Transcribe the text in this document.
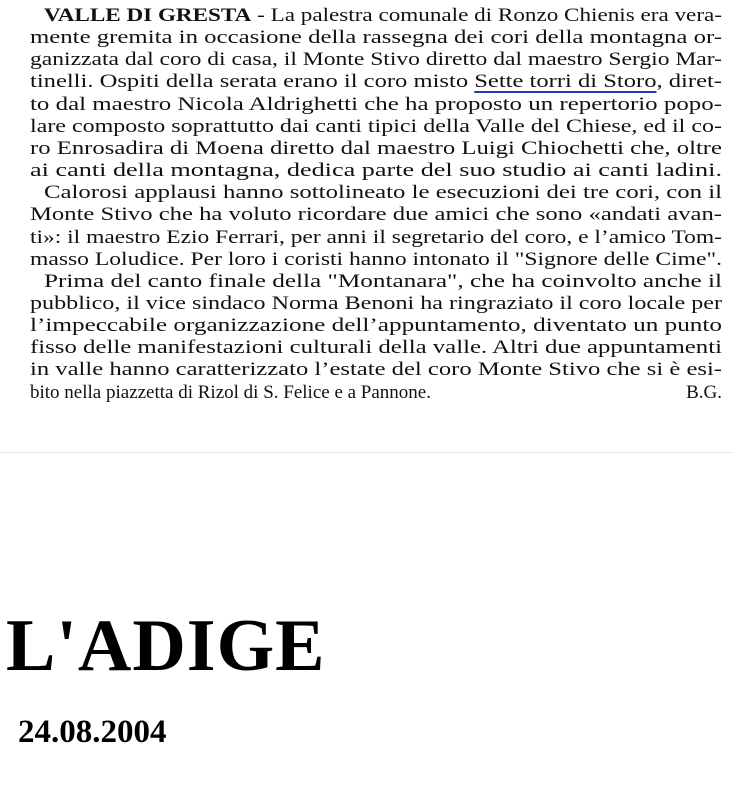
VALLE DI GRESTA - La palestra comunale di Ronzo Chienis era vera-
mente gremita in occasione della rassegna dei cori della montagna or-
ganizzata dal coro di casa, il Monte Stivo diretto dal maestro Sergio Mar-
tinelli. Ospiti della serata erano il coro misto Sette torri di Storo, diret-
to dal maestro Nicola Aldrighetti che ha proposto un repertorio popo-
lare composto soprattutto dai canti tipici della Valle del Chiese, ed il co-
ro Enrosadira di Moena diretto dal maestro Luigi Chiochetti che, oltre
ai canti della montagna, dedica parte del suo studio ai canti ladini.
Calorosi applausi hanno sottolineato le esecuzioni dei tre cori, con il
Monte Stivo che ha voluto ricordare due amici che sono «andati avan-
ti»: il maestro Ezio Ferrari, per anni il segretario del coro, e l’amico Tom-
masso Loludice. Per loro i coristi hanno intonato il "Signore delle Cime".
Prima del canto finale della "Montanara", che ha coinvolto anche il
pubblico, il vice sindaco Norma Benoni ha ringraziato il coro locale per
l’impeccabile organizzazione dell’appuntamento, diventato un punto
fisso delle manifestazioni culturali della valle. Altri due appuntamenti
in valle hanno caratterizzato l’estate del coro Monte Stivo che si è esi-
bito nella piazzetta di Rizol di S. Felice e a Pannone.	B.G.
L'ADIGE
24.08.2004
